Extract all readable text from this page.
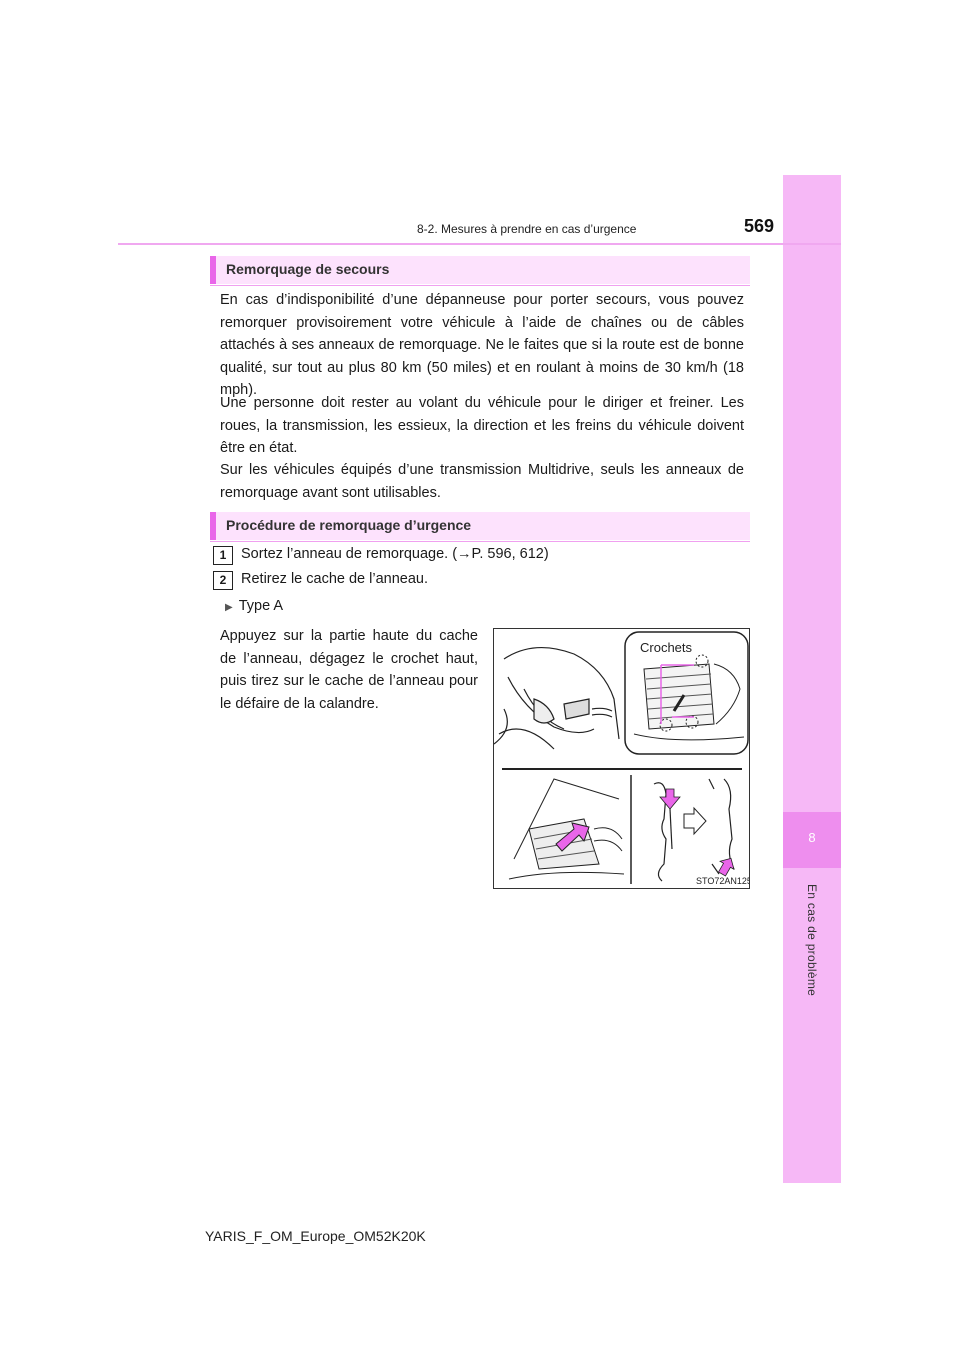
8
En cas de problème
8-2. Mesures à prendre en cas d’urgence	569
Remorquage de secours

En cas d’indisponibilité d’une dépanneuse pour porter secours, vous pouvez remorquer provisoirement votre véhicule à l’aide de chaînes ou de câbles attachés à ses anneaux de remorquage. Ne le faites que si la route est de bonne qualité, sur tout au plus 80 km (50 miles) et en roulant à moins de 30 km/h (18 mph).

Une personne doit rester au volant du véhicule pour le diriger et freiner. Les roues, la transmission, les essieux, la direction et les freins du véhicule doivent être en état.

Sur les véhicules équipés d’une transmission Multidrive, seuls les anneaux de remorquage avant sont utilisables.

Procédure de remorquage d’urgence
1 Sortez l’anneau de remorquage. (→P. 596, 612)
2 Retirez le cache de l’anneau.
▶ Type A

Appuyez sur la partie haute du cache de l’anneau, dégagez le crochet haut, puis tirez sur le cache de l’anneau pour le défaire de la calandre.

Crochets
STO72AN125
YARIS_F_OM_Europe_OM52K20K
